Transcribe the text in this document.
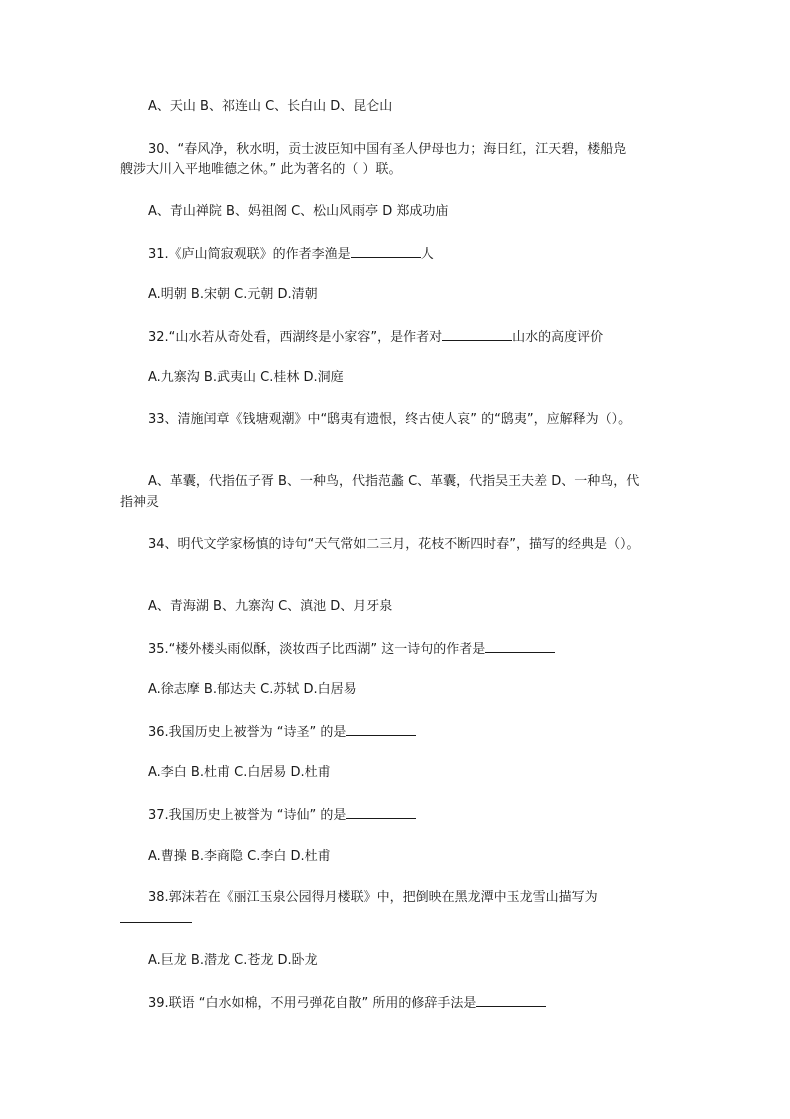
A、天山 B、祁连山 C、长白山 D、昆仑山
30、“春风净，秋水明，贡士波臣知中国有圣人伊母也力；海日红，江天碧，楼船凫
艘涉大川入平地唯德之休。” 此为著名的（ ）联。
A、青山禅院 B、妈祖阁 C、松山风雨亭 D 郑成功庙
31.《庐山简寂观联》的作者李渔是	人
A.明朝 B.宋朝 C.元朝 D.清朝
32.“山水若从奇处看，西湖终是小家容”，是作者对	山水的高度评价
A.九寨沟 B.武夷山 C.桂林 D.洞庭
33、清施闰章《钱塘观潮》中“鸱夷有遗恨，终古使人哀” 的“鸱夷”，应解释为（）。
A、革囊，代指伍子胥 B、一种鸟，代指范蠡 C、革囊，代指吴王夫差 D、一种鸟，代
指神灵
34、明代文学家杨慎的诗句“天气常如二三月，花枝不断四时春”，描写的经典是（）。
A、青海湖 B、九寨沟 C、滇池 D、月牙泉
35.“楼外楼头雨似酥，淡妆西子比西湖” 这一诗句的作者是
A.徐志摩 B.郁达夫 C.苏轼 D.白居易
36.我国历史上被誉为 “诗圣” 的是
A.李白 B.杜甫 C.白居易 D.杜甫
37.我国历史上被誉为 “诗仙” 的是
A.曹操 B.李商隐 C.李白 D.杜甫
38.郭沫若在《丽江玉泉公园得月楼联》中，把倒映在黑龙潭中玉龙雪山描写为
A.巨龙 B.潜龙 C.苍龙 D.卧龙
39.联语 “白水如棉，不用弓弹花自散” 所用的修辞手法是
